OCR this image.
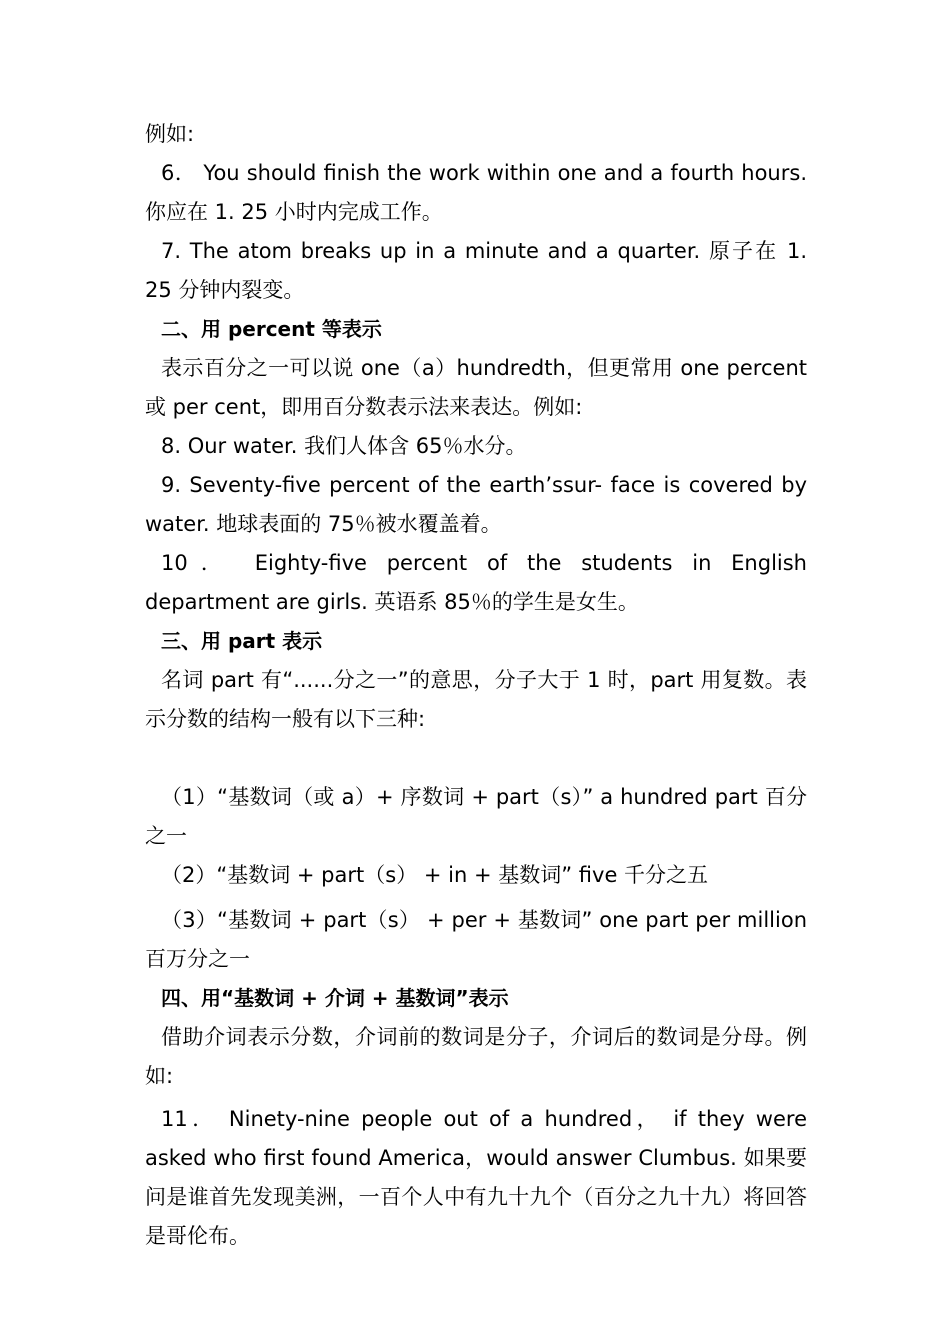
例如:

6． You should finish the work within one and a fourth hours. 你应在 1. 25 小时内完成工作。

7. The atom breaks up in a minute and a quarter. 原子在 1. 25 分钟内裂变。

二、用 percent 等表示

表示百分之一可以说 one（a）hundredth，但更常用 one percent 或 per cent，即用百分数表示法来表达。例如:

8. Our water. 我们人体含 65％水分。

9. Seventy-five percent of the earth’ssur- face is covered by water. 地球表面的 75％被水覆盖着。

10． Eighty-five percent of the students in English department are girls. 英语系 85％的学生是女生。

三、用 part 表示

名词 part 有“......分之一”的意思，分子大于 1 时，part 用复数。表示分数的结构一般有以下三种:

（1）“基数词（或 a）+ 序数词 + part（s）” a hundred part 百分之一

（2）“基数词 + part（s） + in + 基数词” five 千分之五

（3）“基数词 + part（s） + per + 基数词” one part per million 百万分之一

四、用“基数词 + 介词 + 基数词”表示

借助介词表示分数，介词前的数词是分子，介词后的数词是分母。例如:

11． Ninety-nine people out of a hundred， if they were asked who first found America，would answer Clumbus. 如果要问是谁首先发现美洲，一百个人中有九十九个（百分之九十九）将回答是哥伦布。
